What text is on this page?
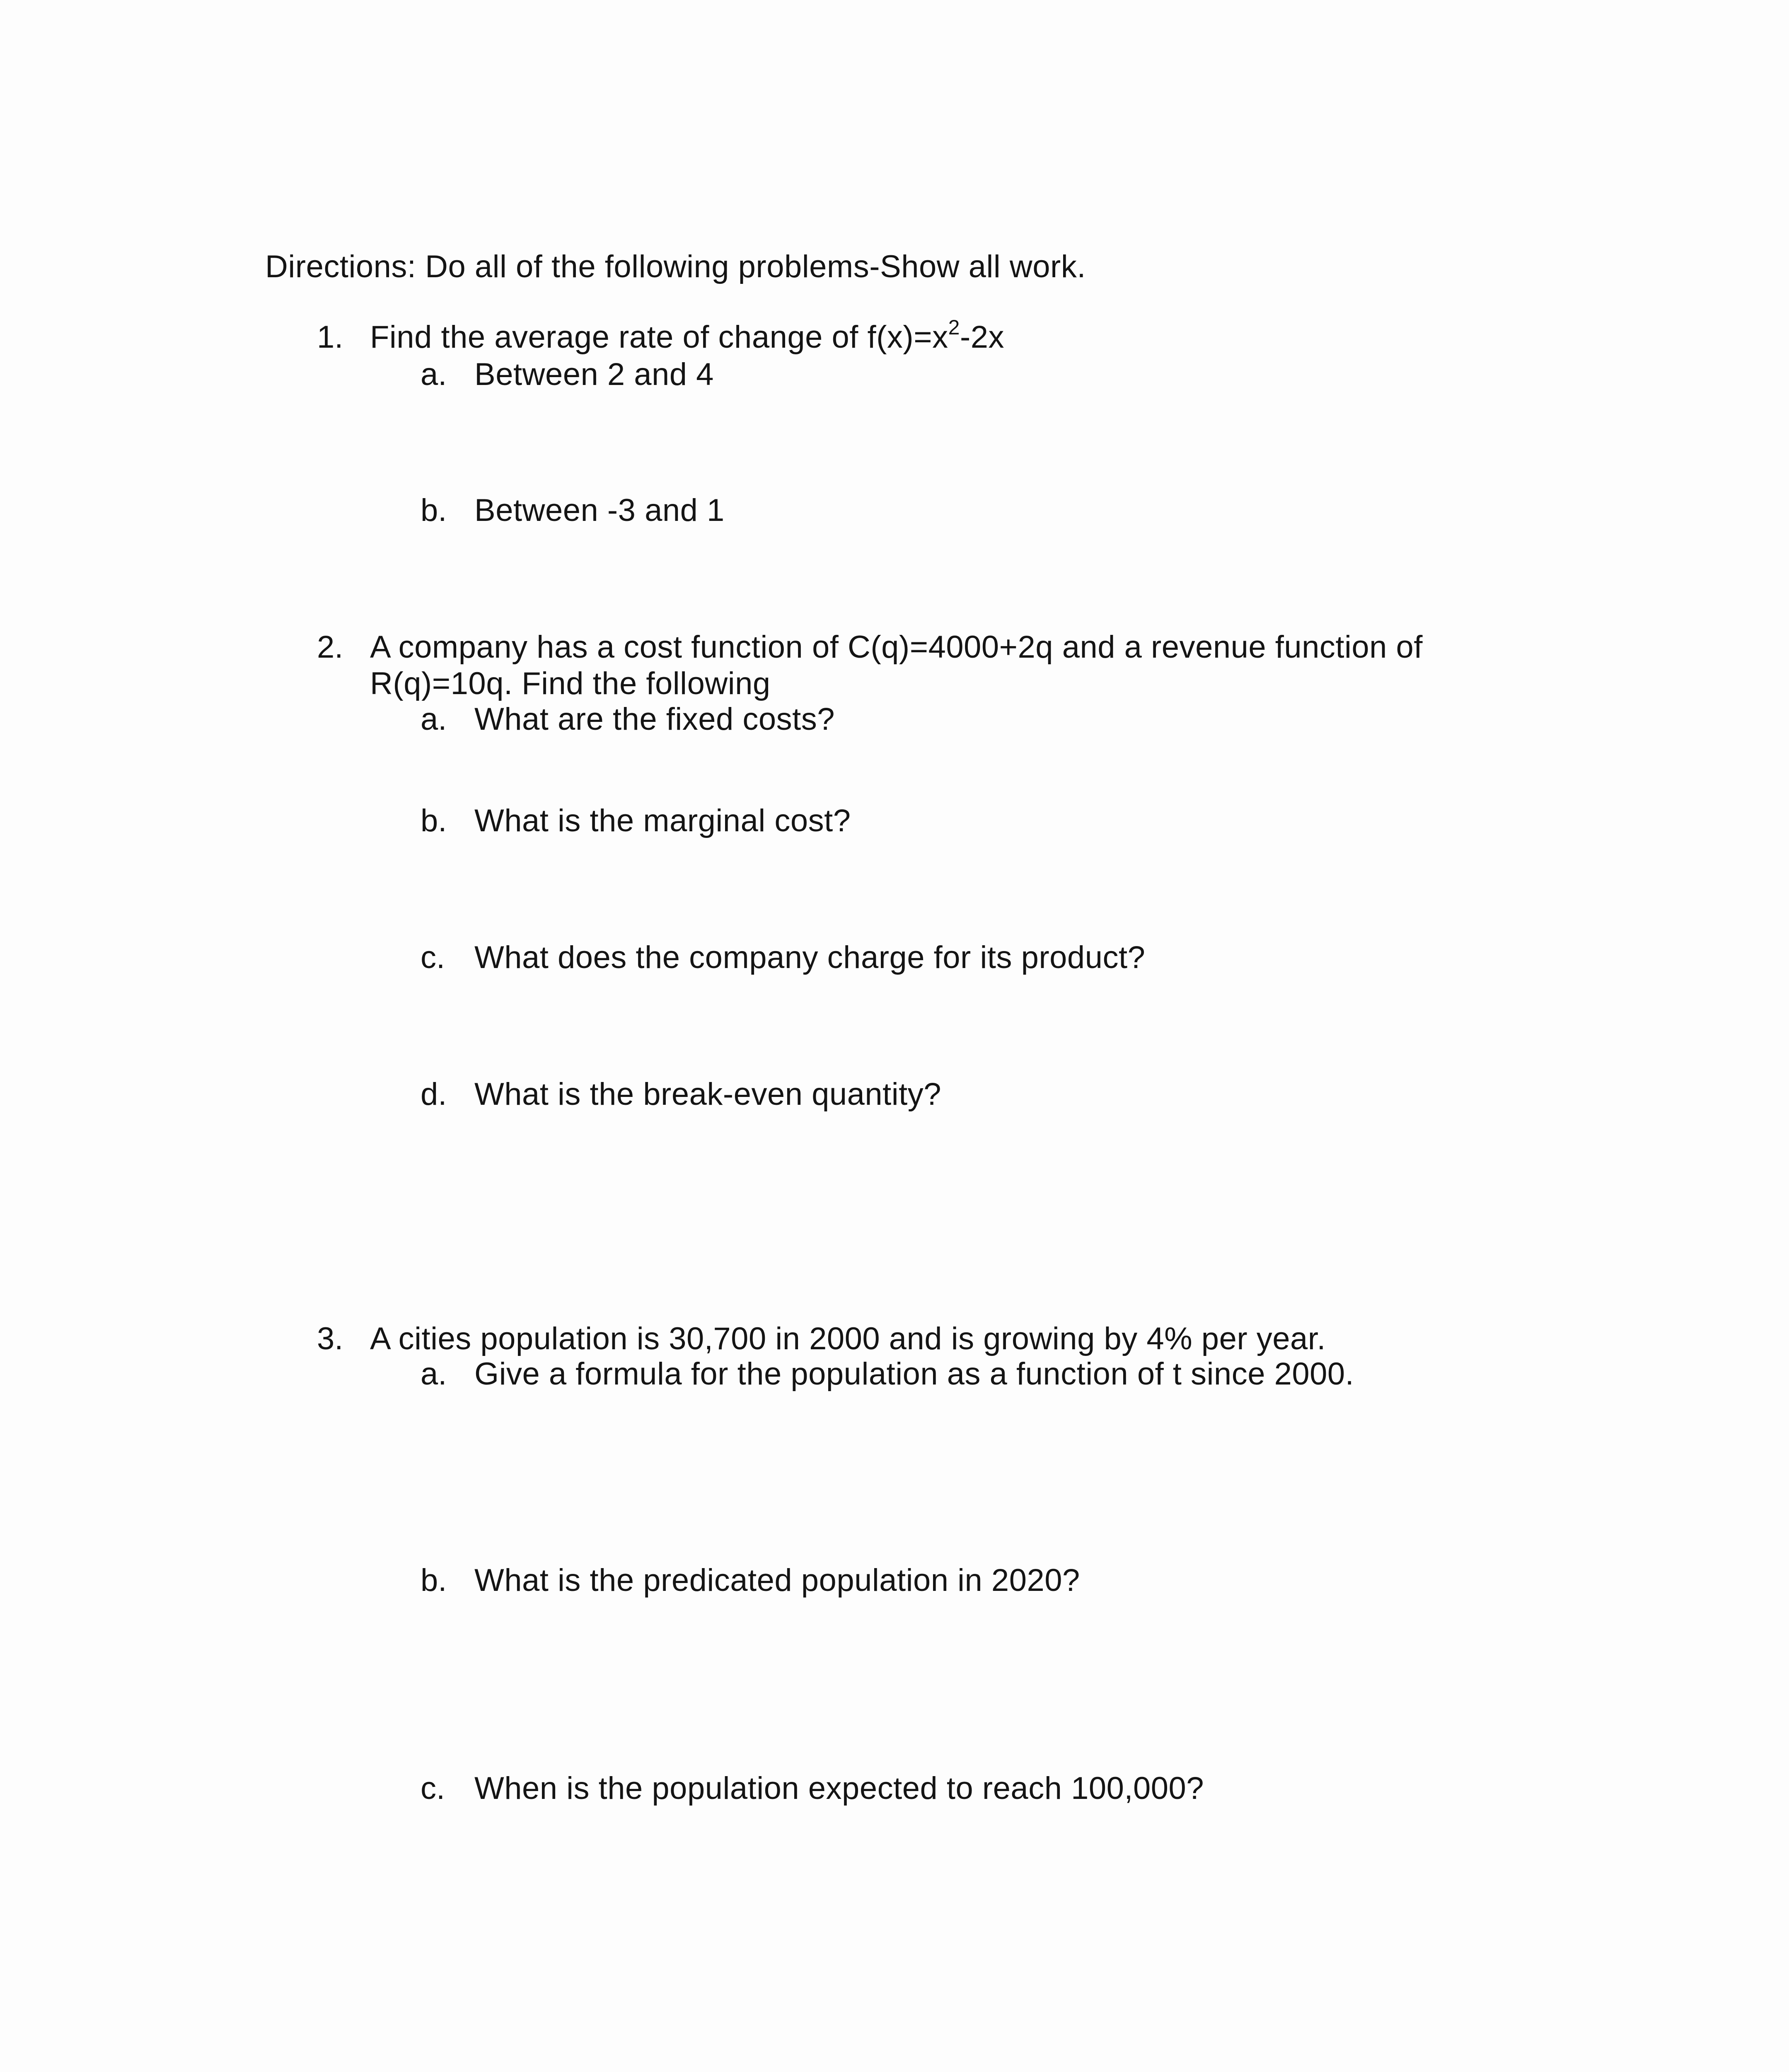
Directions: Do all of the following problems-Show all work.
1. Find the average rate of change of $f(x)=x^2-2x$
a. Between 2 and 4
b. Between -3 and 1
2. A company has a cost function of C(q)=4000+2q and a revenue function of
R(q)=10q. Find the following
a. What are the fixed costs?
b. What is the marginal cost?
c. What does the company charge for its product?
d. What is the break-even quantity?
3. A cities population is 30,700 in 2000 and is growing by 4% per year.
a. Give a formula for the population as a function of t since 2000.
b. What is the predicated population in 2020?
c. When is the population expected to reach 100,000?
